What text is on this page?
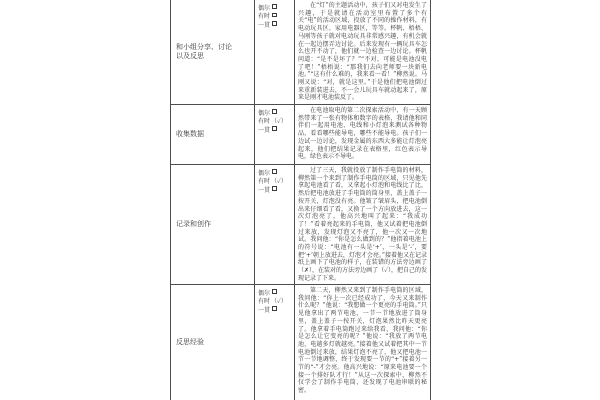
和小组分享、讨论以及反思
偶尔
有时
一贯

在“灯”的主题活动中，孩子们又对电发生了兴趣，于是就请在活动室里布置了多个有关“电”的活动区域，投放了不同的操作材料，有电动玩具区、家用电器区，等等。杯帆、梧梧、马刚等孩子就对电动玩具非常感兴趣，有机会就在一起边摆弄边讨论。后来发现有一辆玩具车怎么也开不动了，他们就一边检查一边讨论。杯帆问道：“是不是坏了？”“不对，可能是电池没电了吧！”梧梧说：“那我们去向老师要一块新电池。”“这有什么难的，我来看一看！”柳然说。马刚又说：“对，就是这里。”于是他们把电池倒过来重新装进去，不一会儿玩具车就动起来了，原来是刚才电池装反了。

收集数据
偶尔
有时 （✓）
一贯

在电池取电的第二次探索活动中，有一天顾然带来了一张有物体和数字的表格，我请他和同伴们一起用电池、电线和小灯泡来测试各种物品，看看哪些能导电，哪些不能导电。孩子们一边试一边讨论，发现金属的东西大多能让灯泡亮起来，他们把结果记录在表格里，红色表示导电，绿色表示不导电。

记录和创作
偶尔
有时 （✓）
一贯

过了三天，我就投放了制作手电筒的材料，柳然第一个来到了制作手电筒的区域，只见他先拿起电池看了看，又拿起小灯泡和电线比了比，然后把电池放进了手电筒的筒身里，盖上盖子一按开关，灯泡没有亮。他皱了皱眉头，把电池倒出来仔细看了看，又换了一个方向放进去，这一次灯泡亮了，他高兴地叫了起来：“我成功了！”看着亮起来的手电筒，他又试着把电池倒过来放，发现灯泡又不亮了，他一次又一次地试。我问他：“你是怎么做到的？”他指着电池上的符号说：“电池有一头是‘+’，一头是‘-’，要把‘+’朝上放进去，灯泡才会亮。”接着他又在记录纸上画下了电池的样子，在装错的方法旁边画了（✗），在装对的方法旁边画了（✓），把自己的发现记录了下来。

反思经验
偶尔
有时 （✓）
一贯

第二天，柳然又来到了制作手电筒的区域，我问他：“你上一次已经成功了，今天又来制作什么呢？”他说：“我想做一个更亮的手电筒。”只见他拿出了两节电池，一节一节地放进了筒身里，盖上盖子一按开关，灯泡果然比昨天更亮了。他拿着手电筒跑过来给我看，我问他：“你是怎么让它变亮的呢？”他说：“我放了两节电池，电越多灯就越亮。”接着他又试着把其中一节电池倒过来放，结果灯泡不亮了，他又把电池一节一节地调整，终于发现要一节的“+”接着另一节的“-”才会亮。他高兴地说：“原来电池要一个接一个排好队才行！”从这一次探索中，柳然不仅学会了制作手电筒，还发现了电池串联的秘密。
